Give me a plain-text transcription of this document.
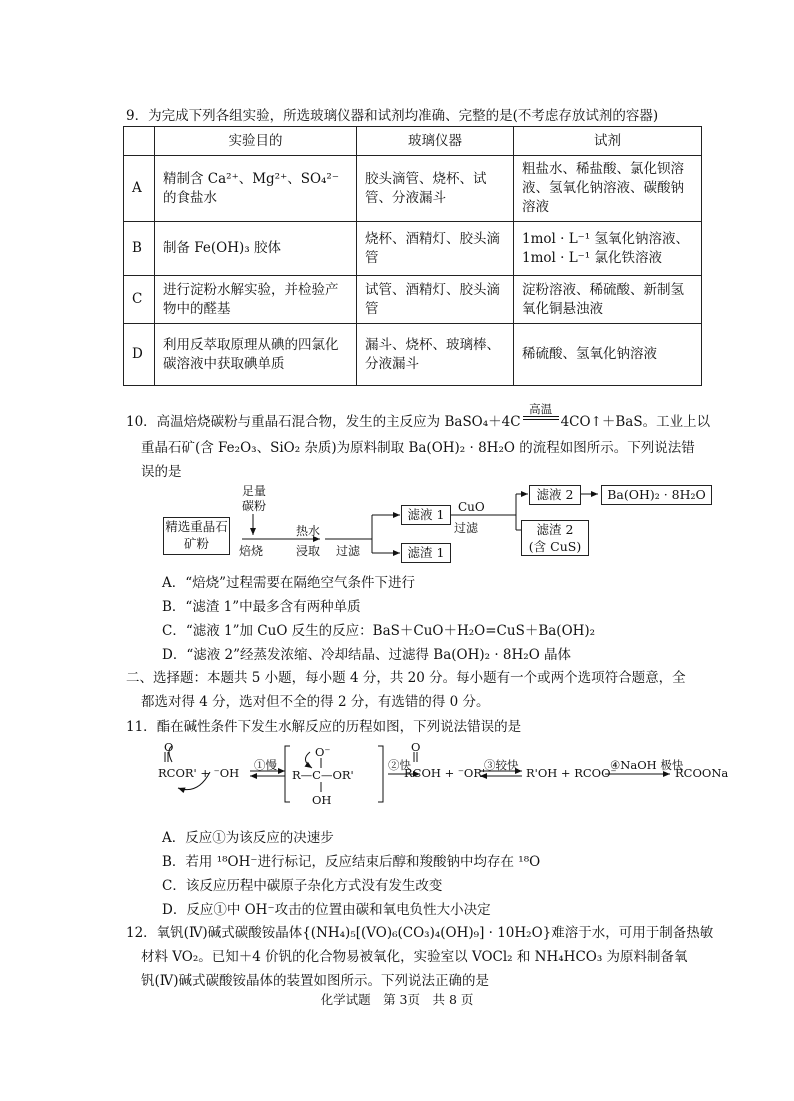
9．为完成下列各组实验，所选玻璃仪器和试剂均准确、完整的是(不考虑存放试剂的容器)
	实验目的	玻璃仪器	试剂
A	精制含 Ca²⁺、Mg²⁺、SO₄²⁻ 的食盐水	胶头滴管、烧杯、试管、分液漏斗	粗盐水、稀盐酸、氯化钡溶液、氢氧化钠溶液、碳酸钠溶液
B	制备 Fe(OH)₃ 胶体	烧杯、酒精灯、胶头滴管	1mol · L⁻¹ 氢氧化钠溶液、1mol · L⁻¹ 氯化铁溶液
C	进行淀粉水解实验，并检验产物中的醛基	试管、酒精灯、胶头滴管	淀粉溶液、稀硫酸、新制氢氧化铜悬浊液
D	利用反萃取原理从碘的四氯化碳溶液中获取碘单质	漏斗、烧杯、玻璃棒、分液漏斗	稀硫酸、氢氧化钠溶液
10．高温焙烧碳粉与重晶石混合物，发生的主反应为 BaSO₄＋4C
高温
4CO↑＋BaS。工业上以
重晶石矿(含 Fe₂O₃、SiO₂ 杂质)为原料制取 Ba(OH)₂ · 8H₂O 的流程如图所示。下列说法错
误的是
精选重晶石矿粉
足量碳粉
焙烧
热水
浸取 过滤
滤液 1
滤渣 1
CuO
过滤
滤液 2
滤渣 2
(含 CuS)
Ba(OH)₂ · 8H₂O
A．“焙烧”过程需要在隔绝空气条件下进行
B．“滤渣 1”中最多含有两种单质
C．“滤液 1”加 CuO 反生的反应：BaS＋CuO＋H₂O=CuS＋Ba(OH)₂
D．“滤液 2”经蒸发浓缩、冷却结晶、过滤得 Ba(OH)₂ · 8H₂O 晶体
二、选择题：本题共 5 小题，每小题 4 分，共 20 分。每小题有一个或两个选项符合题意，全
都选对得 4 分，选对但不全的得 2 分，有选错的得 0 分。
11．酯在碱性条件下发生水解反应的历程如图，下列说法错误的是
O
RCOR' + ⁻OH
①慢
O⁻
R—C—OR'
OH
②快
O
RCOH + ⁻OR'
③较快
R'OH + RCOO⁻
④NaOH 极快
RCOONa
A．反应①为该反应的决速步
B．若用 ¹⁸OH⁻进行标记，反应结束后醇和羧酸钠中均存在 ¹⁸O
C．该反应历程中碳原子杂化方式没有发生改变
D．反应①中 OH⁻攻击的位置由碳和氧电负性大小决定
12．氧钒(Ⅳ)碱式碳酸铵晶体{(NH₄)₅[(VO)₆(CO₃)₄(OH)₉] · 10H₂O}难溶于水，可用于制备热敏
材料 VO₂。已知＋4 价钒的化合物易被氧化，实验室以 VOCl₂ 和 NH₄HCO₃ 为原料制备氧
钒(Ⅳ)碱式碳酸铵晶体的装置如图所示。下列说法正确的是
化学试题　第 3页　共 8 页
